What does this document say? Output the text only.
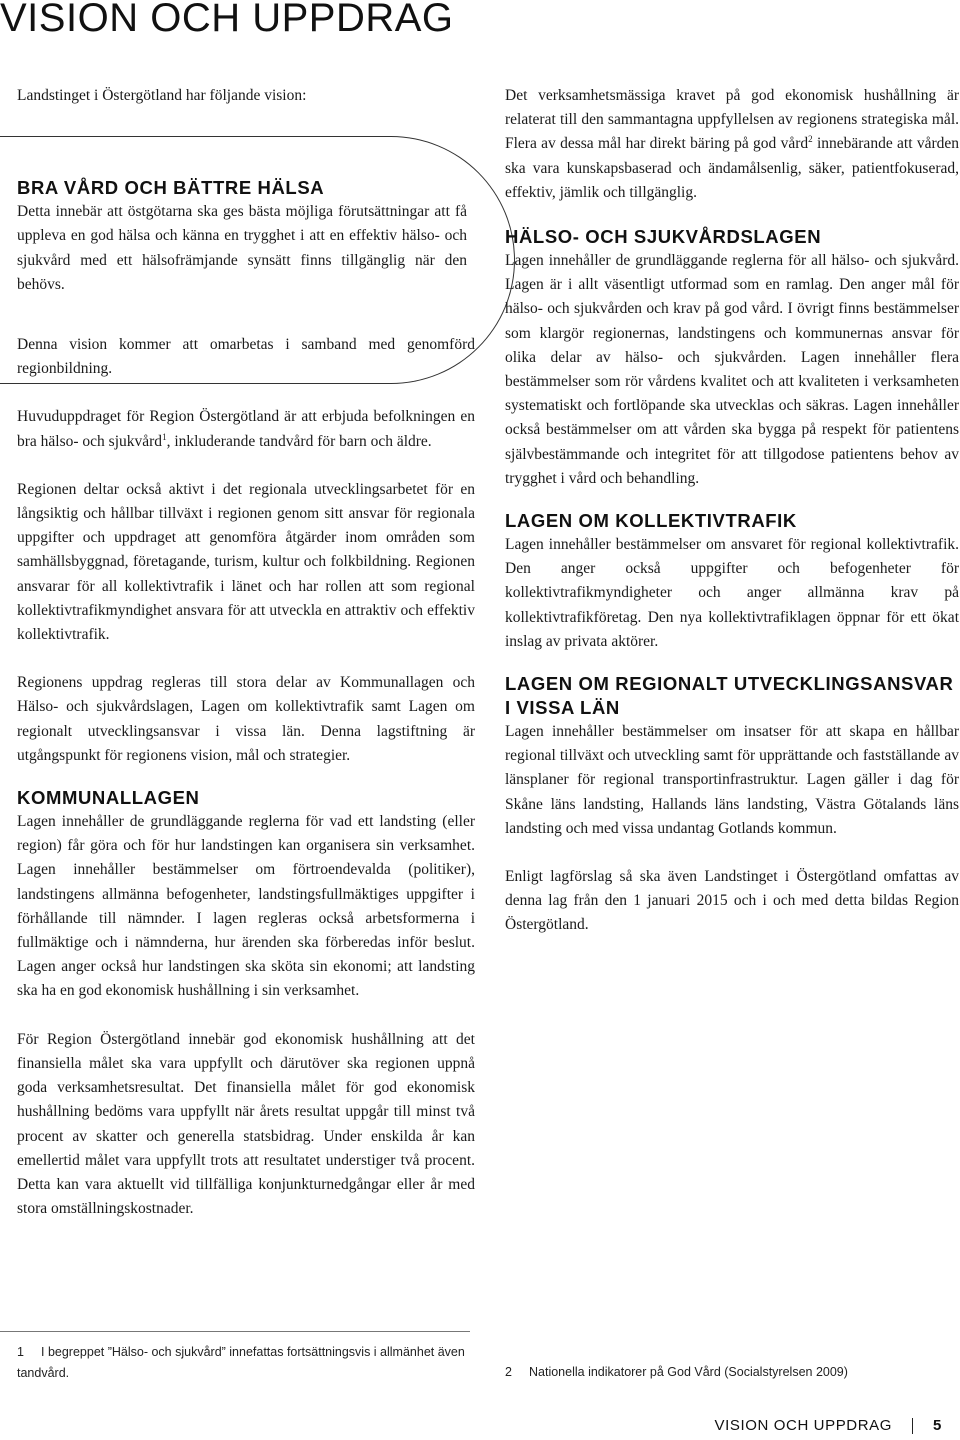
VISION OCH UPPDRAG

Landstinget i Östergötland har följande vision:

BRA VÅRD OCH BÄTTRE HÄLSA

Detta innebär att östgötarna ska ges bästa möjliga förutsättningar att få uppleva en god hälsa och känna en trygghet i att en effektiv hälso- och sjukvård med ett hälsofrämjande synsätt finns tillgänglig när den behövs.

Denna vision kommer att omarbetas i samband med genomförd regionbildning.

Huvuduppdraget för Region Östergötland är att erbjuda befolkningen en bra hälso- och sjukvård$^1$, inkluderande tandvård för barn och äldre.

Regionen deltar också aktivt i det regionala utvecklingsarbetet för en långsiktig och hållbar tillväxt i regionen genom sitt ansvar för regionala uppgifter och uppdraget att genomföra åtgärder inom områden som samhällsbyggnad, företagande, turism, kultur och folkbildning. Regionen ansvarar för all kollektivtrafik i länet och har rollen att som regional kollektivtrafikmyndighet ansvara för att utveckla en attraktiv och effektiv kollektivtrafik.

Regionens uppdrag regleras till stora delar av Kommunallagen och Hälso- och sjukvårdslagen, Lagen om kollektivtrafik samt Lagen om regionalt utvecklingsansvar i vissa län. Denna lagstiftning är utgångspunkt för regionens vision, mål och strategier.

KOMMUNALLAGEN

Lagen innehåller de grundläggande reglerna för vad ett landsting (eller region) får göra och för hur landstingen kan organisera sin verksamhet. Lagen innehåller bestämmelser om förtroendevalda (politiker), landstingens allmänna befogenheter, landstingsfullmäktiges uppgifter i förhållande till nämnder. I lagen regleras också arbetsformerna i fullmäktige och i nämnderna, hur ärenden ska förberedas inför beslut. Lagen anger också hur landstingen ska sköta sin ekonomi; att landsting ska ha en god ekonomisk hushållning i sin verksamhet.

För Region Östergötland innebär god ekonomisk hushållning att det finansiella målet ska vara uppfyllt och därutöver ska regionen uppnå goda verksamhetsresultat. Det finansiella målet för god ekonomisk hushållning bedöms vara uppfyllt när årets resultat uppgår till minst två procent av skatter och generella statsbidrag. Under enskilda år kan emellertid målet vara uppfyllt trots att resultatet understiger två procent. Detta kan vara aktuellt vid tillfälliga konjunkturnedgångar eller år med stora omställningskostnader.

Det verksamhetsmässiga kravet på god ekonomisk hushållning är relaterat till den sammantagna uppfyllelsen av regionens strategiska mål. Flera av dessa mål har direkt bäring på god vård$^2$ innebärande att vården ska vara kunskapsbaserad och ändamålsenlig, säker, patientfokuserad, effektiv, jämlik och tillgänglig.

HÄLSO- OCH SJUKVÅRDSLAGEN

Lagen innehåller de grundläggande reglerna för all hälso- och sjukvård. Lagen är i allt väsentligt utformad som en ramlag. Den anger mål för hälso- och sjukvården och krav på god vård. I övrigt finns bestämmelser som klargör regionernas, landstingens och kommunernas ansvar för olika delar av hälso- och sjukvården. Lagen innehåller flera bestämmelser som rör vårdens kvalitet och att kvaliteten i verksamheten systematiskt och fortlöpande ska utvecklas och säkras. Lagen innehåller också bestämmelser om att vården ska bygga på respekt för patientens självbestämmande och integritet för att tillgodose patientens behov av trygghet i vård och behandling.

LAGEN OM KOLLEKTIVTRAFIK

Lagen innehåller bestämmelser om ansvaret för regional kollektivtrafik. Den anger också uppgifter och befogenheter för kollektivtrafikmyndigheter och anger allmänna krav på kollektivtrafikföretag. Den nya kollektivtrafiklagen öppnar för ett ökat inslag av privata aktörer.

LAGEN OM REGIONALT UTVECKLINGSANSVAR I VISSA LÄN

Lagen innehåller bestämmelser om insatser för att skapa en hållbar regional tillväxt och utveckling samt för upprättande och fastställande av länsplaner för regional transportinfrastruktur. Lagen gäller i dag för Skåne läns landsting, Hallands läns landsting, Västra Götalands läns landsting och med vissa undantag Gotlands kommun.

Enligt lagförslag så ska även Landstinget i Östergötland omfattas av denna lag från den 1 januari 2015 och i och med detta bildas Region Östergötland.

1 I begreppet ”Hälso- och sjukvård” innefattas fortsättningsvis i allmänhet även tandvård.	2 Nationella indikatorer på God Vård (Socialstyrelsen 2009)
VISION OCH UPPDRAG	5
